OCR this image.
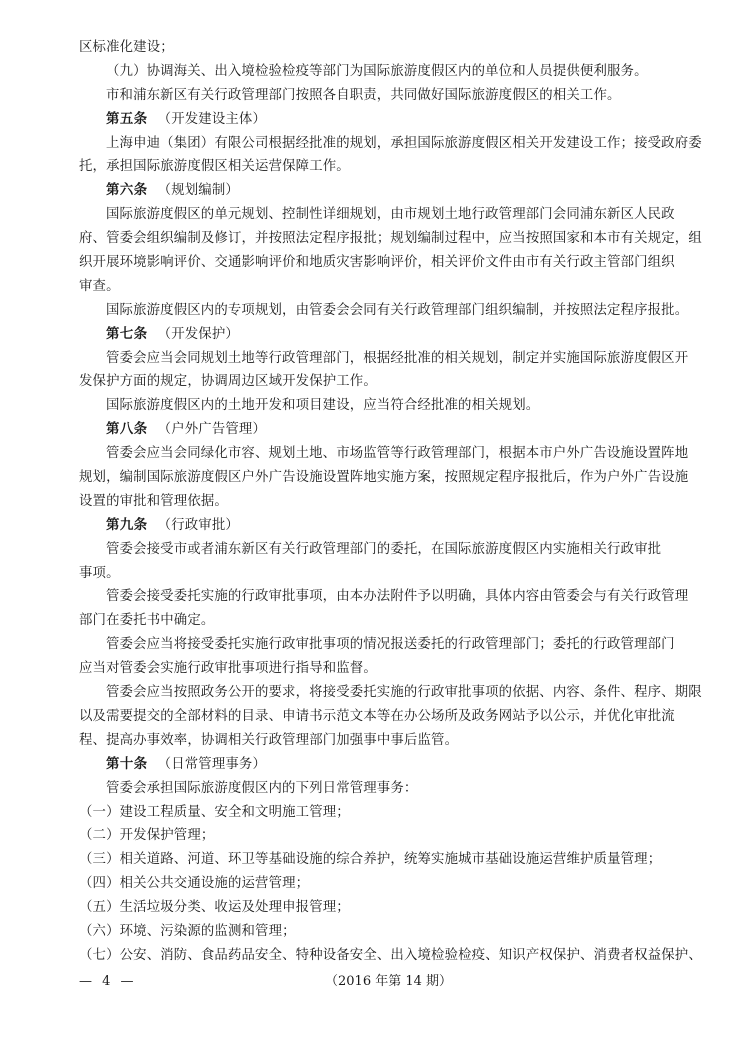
区标准化建设；
（九）协调海关、出入境检验检疫等部门为国际旅游度假区内的单位和人员提供便利服务。
市和浦东新区有关行政管理部门按照各自职责，共同做好国际旅游度假区的相关工作。
第五条 （开发建设主体）
上海申迪（集团）有限公司根据经批准的规划，承担国际旅游度假区相关开发建设工作；接受政府委
托，承担国际旅游度假区相关运营保障工作。
第六条 （规划编制）
国际旅游度假区的单元规划、控制性详细规划，由市规划土地行政管理部门会同浦东新区人民政
府、管委会组织编制及修订，并按照法定程序报批；规划编制过程中，应当按照国家和本市有关规定，组
织开展环境影响评价、交通影响评价和地质灾害影响评价，相关评价文件由市有关行政主管部门组织
审查。
国际旅游度假区内的专项规划，由管委会会同有关行政管理部门组织编制，并按照法定程序报批。
第七条 （开发保护）
管委会应当会同规划土地等行政管理部门，根据经批准的相关规划，制定并实施国际旅游度假区开
发保护方面的规定，协调周边区域开发保护工作。
国际旅游度假区内的土地开发和项目建设，应当符合经批准的相关规划。
第八条 （户外广告管理）
管委会应当会同绿化市容、规划土地、市场监管等行政管理部门，根据本市户外广告设施设置阵地
规划，编制国际旅游度假区户外广告设施设置阵地实施方案，按照规定程序报批后，作为户外广告设施
设置的审批和管理依据。
第九条 （行政审批）
管委会接受市或者浦东新区有关行政管理部门的委托，在国际旅游度假区内实施相关行政审批
事项。
管委会接受委托实施的行政审批事项，由本办法附件予以明确，具体内容由管委会与有关行政管理
部门在委托书中确定。
管委会应当将接受委托实施行政审批事项的情况报送委托的行政管理部门；委托的行政管理部门
应当对管委会实施行政审批事项进行指导和监督。
管委会应当按照政务公开的要求，将接受委托实施的行政审批事项的依据、内容、条件、程序、期限
以及需要提交的全部材料的目录、申请书示范文本等在办公场所及政务网站予以公示，并优化审批流
程、提高办事效率，协调相关行政管理部门加强事中事后监管。
第十条 （日常管理事务）
管委会承担国际旅游度假区内的下列日常管理事务：
（一）建设工程质量、安全和文明施工管理；
（二）开发保护管理；
（三）相关道路、河道、环卫等基础设施的综合养护，统筹实施城市基础设施运营维护质量管理；
（四）相关公共交通设施的运营管理；
（五）生活垃圾分类、收运及处理申报管理；
（六）环境、污染源的监测和管理；
（七）公安、消防、食品药品安全、特种设备安全、出入境检验检疫、知识产权保护、消费者权益保护、
— 4 —	（2016 年第 14 期）
